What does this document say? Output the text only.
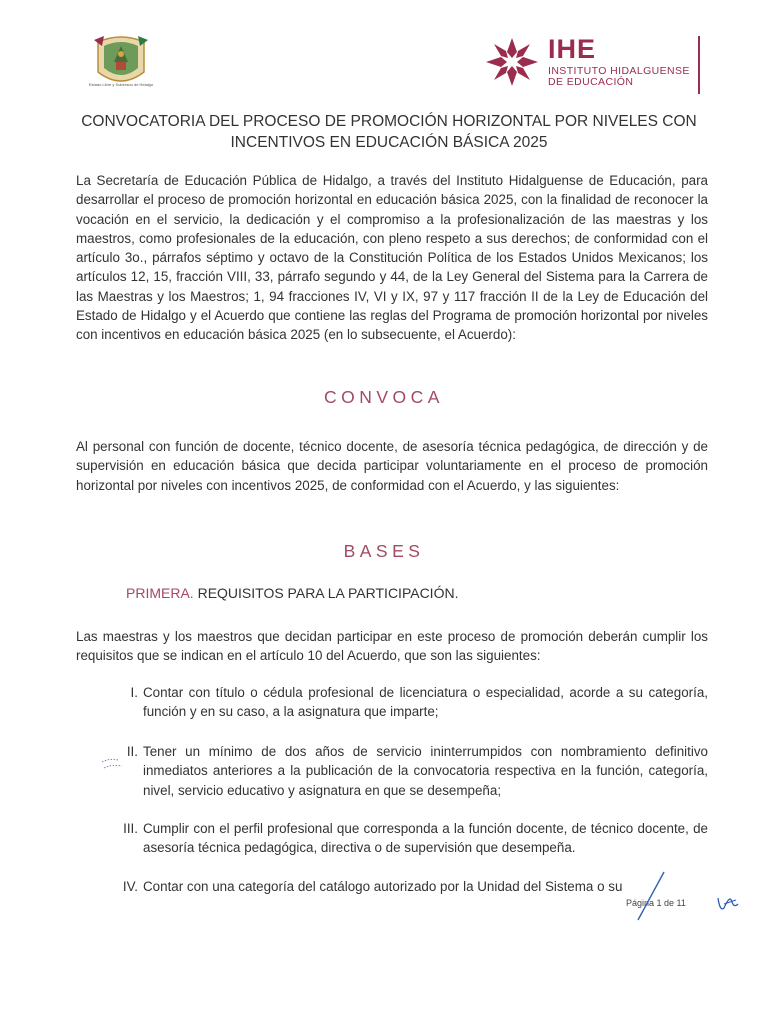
Estado Libre y Soberano de Hidalgo
IHE
INSTITUTO HIDALGUENSE
DE EDUCACIÓN
CONVOCATORIA DEL PROCESO DE PROMOCIÓN HORIZONTAL POR NIVELES CON
INCENTIVOS EN EDUCACIÓN BÁSICA 2025
La Secretaría de Educación Pública de Hidalgo, a través del Instituto Hidalguense de Educación, para desarrollar el proceso de promoción horizontal en educación básica 2025, con la finalidad de reconocer la vocación en el servicio, la dedicación y el compromiso a la profesionalización de las maestras y los maestros, como profesionales de la educación, con pleno respeto a sus derechos; de conformidad con el artículo 3o., párrafos séptimo y octavo de la Constitución Política de los Estados Unidos Mexicanos; los artículos 12, 15, fracción VIII, 33, párrafo segundo y 44, de la Ley General del Sistema para la Carrera de las Maestras y los Maestros; 1, 94 fracciones IV, VI y IX, 97 y 117 fracción II de la Ley de Educación del Estado de Hidalgo y el Acuerdo que contiene las reglas del Programa de promoción horizontal por niveles con incentivos en educación básica 2025 (en lo subsecuente, el Acuerdo):
CONVOCA
Al personal con función de docente, técnico docente, de asesoría técnica pedagógica, de dirección y de supervisión en educación básica que decida participar voluntariamente en el proceso de promoción horizontal por niveles con incentivos 2025, de conformidad con el Acuerdo, y las siguientes:
BASES
PRIMERA. REQUISITOS PARA LA PARTICIPACIÓN.
Las maestras y los maestros que decidan participar en este proceso de promoción deberán cumplir los requisitos que se indican en el artículo 10 del Acuerdo, que son las siguientes:
I. Contar con título o cédula profesional de licenciatura o especialidad, acorde a su categoría, función y en su caso, a la asignatura que imparte;
II. Tener un mínimo de dos años de servicio ininterrumpidos con nombramiento definitivo inmediatos anteriores a la publicación de la convocatoria respectiva en la función, categoría, nivel, servicio educativo y asignatura en que se desempeña;
III. Cumplir con el perfil profesional que corresponda a la función docente, de técnico docente, de asesoría técnica pedagógica, directiva o de supervisión que desempeña.
IV. Contar con una categoría del catálogo autorizado por la Unidad del Sistema o su
Página 1 de 11
